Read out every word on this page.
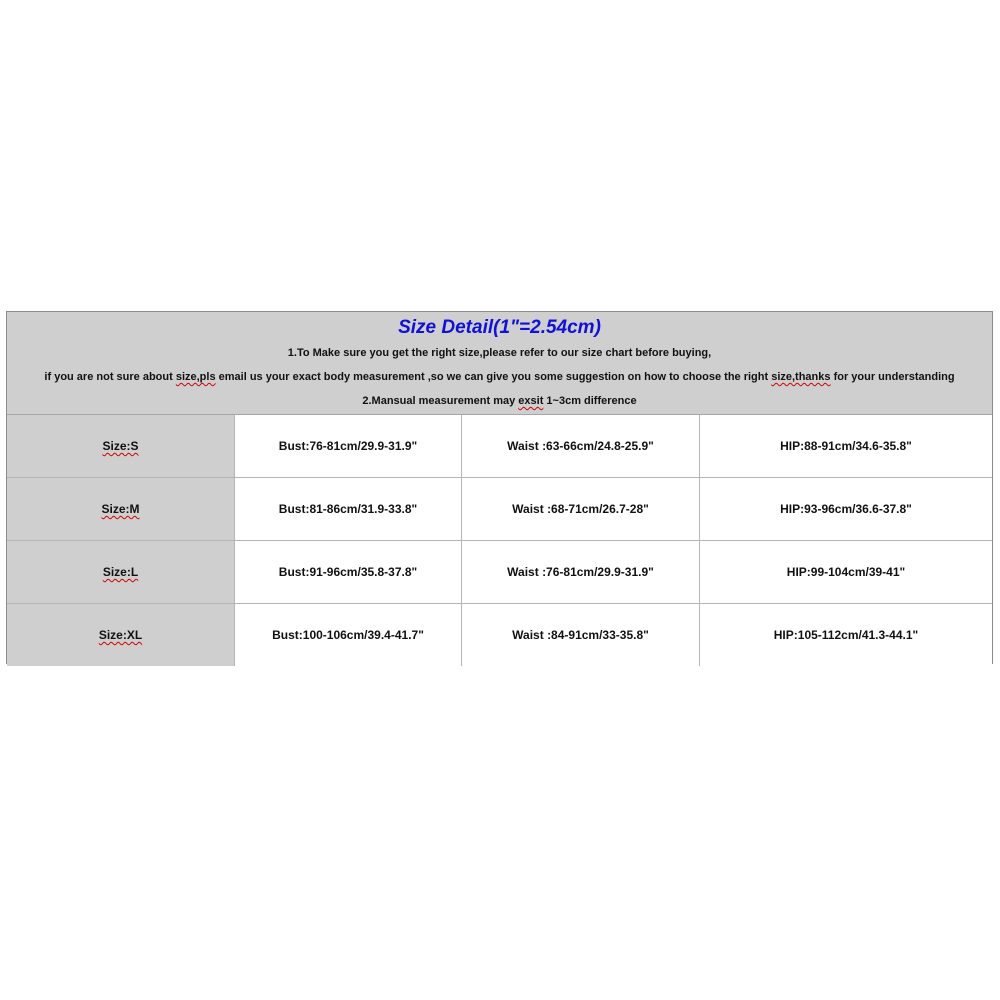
Size Detail(1"=2.54cm)
1.To Make sure you get the right size,please refer to our size chart before buying,
if you are not sure about size,pls email us your exact body measurement ,so we can give you some suggestion on how to choose the right size,thanks for your understanding
2.Mansual measurement may exsit 1~3cm difference
Size:S	Bust:76-81cm/29.9-31.9"	Waist :63-66cm/24.8-25.9"	HIP:88-91cm/34.6-35.8"
Size:M	Bust:81-86cm/31.9-33.8"	Waist :68-71cm/26.7-28"	HIP:93-96cm/36.6-37.8"
Size:L	Bust:91-96cm/35.8-37.8"	Waist :76-81cm/29.9-31.9"	HIP:99-104cm/39-41"
Size:XL	Bust:100-106cm/39.4-41.7"	Waist :84-91cm/33-35.8"	HIP:105-112cm/41.3-44.1"
